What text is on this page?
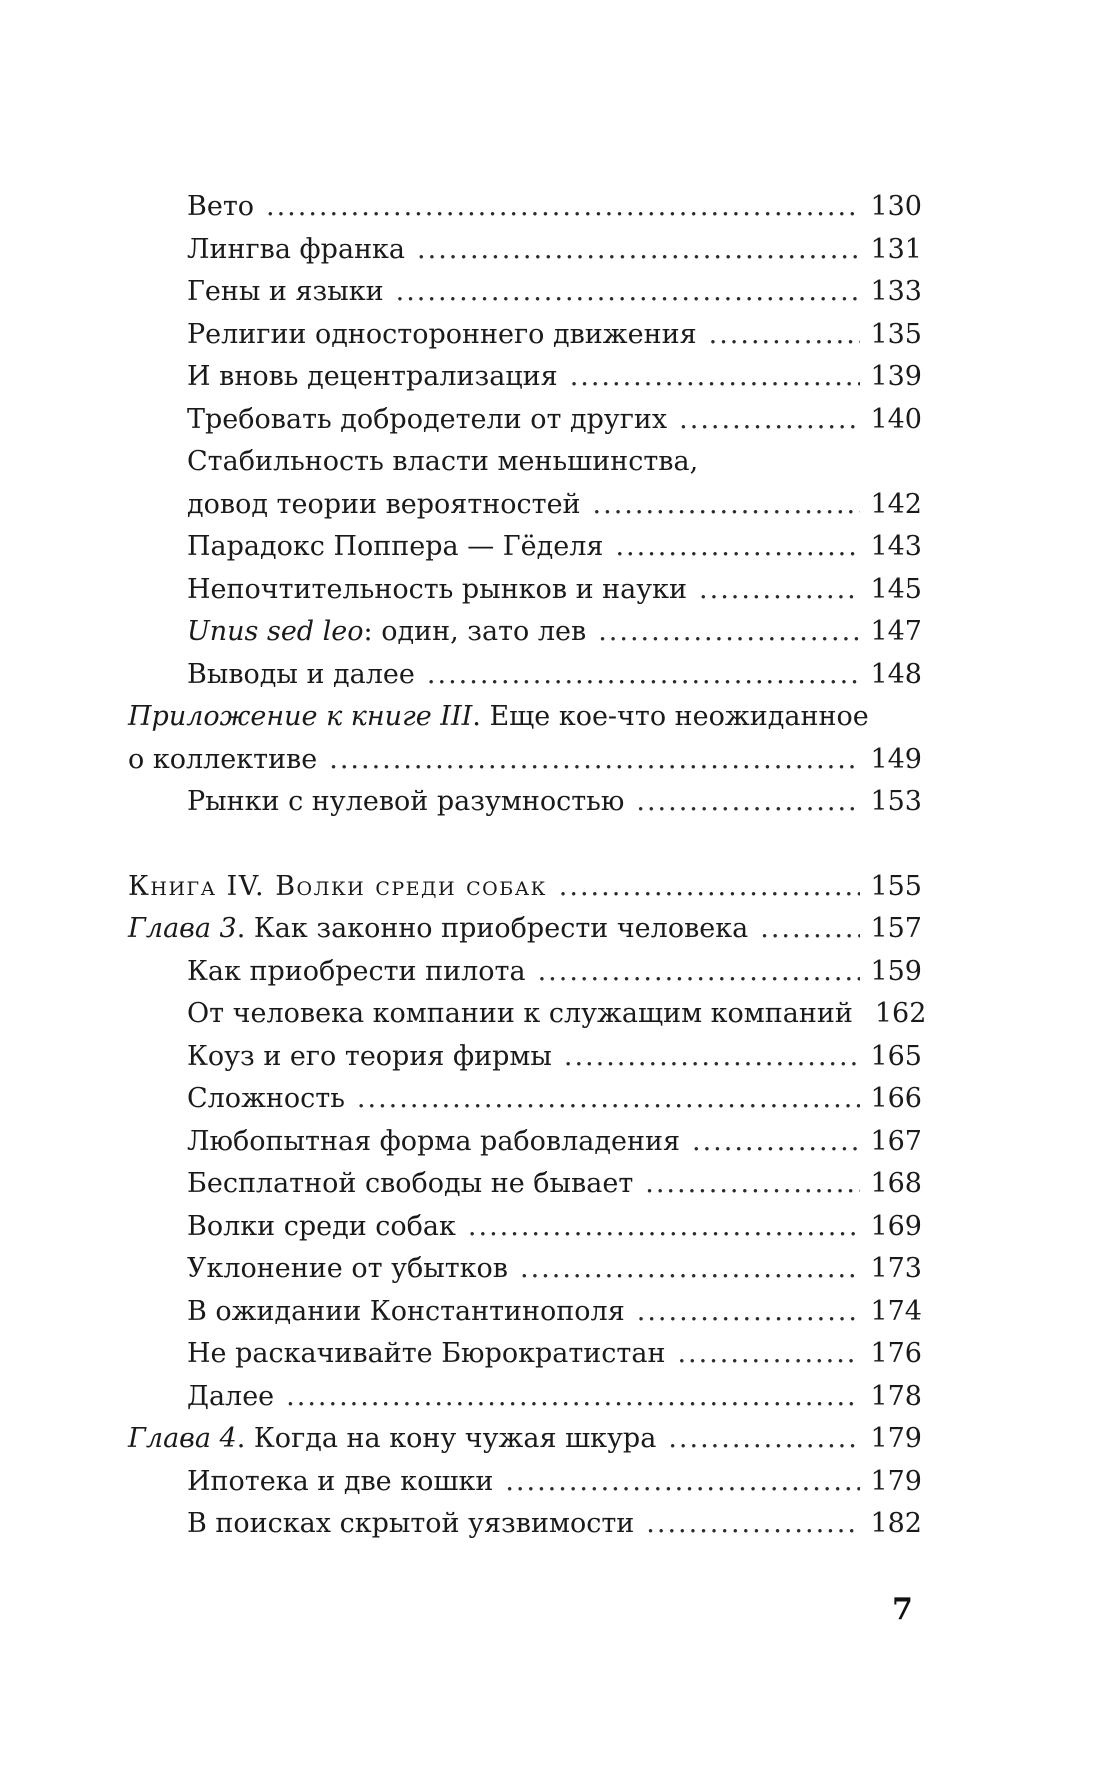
Вето .....	130
Лингва франка .....	131
Гены и языки .....	133
Религии одностороннего движения .....	135
И вновь децентрализация .....	139
Требовать добродетели от других .....	140
Стабильность власти меньшинства,
довод теории вероятностей .....	142
Парадокс Поппера — Гёделя .....	143
Непочтительность рынков и науки .....	145
Unus sed leo: один, зато лев .....	147
Выводы и далее .....	148
Приложение к книге III. Еще кое-что неожиданное
о коллективе .....	149
Рынки с нулевой разумностью .....	153
Книга IV. Волки среди собак .....	155
Глава 3. Как законно приобрести человека .....	157
Как приобрести пилота .....	159
От человека компании к служащим компаний 162
Коуз и его теория фирмы .....	165
Сложность .....	166
Любопытная форма рабовладения .....	167
Бесплатной свободы не бывает .....	168
Волки среди собак .....	169
Уклонение от убытков .....	173
В ожидании Константинополя .....	174
Не раскачивайте Бюрократистан .....	176
Далее .....	178
Глава 4. Когда на кону чужая шкура .....	179
Ипотека и две кошки .....	179
В поисках скрытой уязвимости .....	182
7
